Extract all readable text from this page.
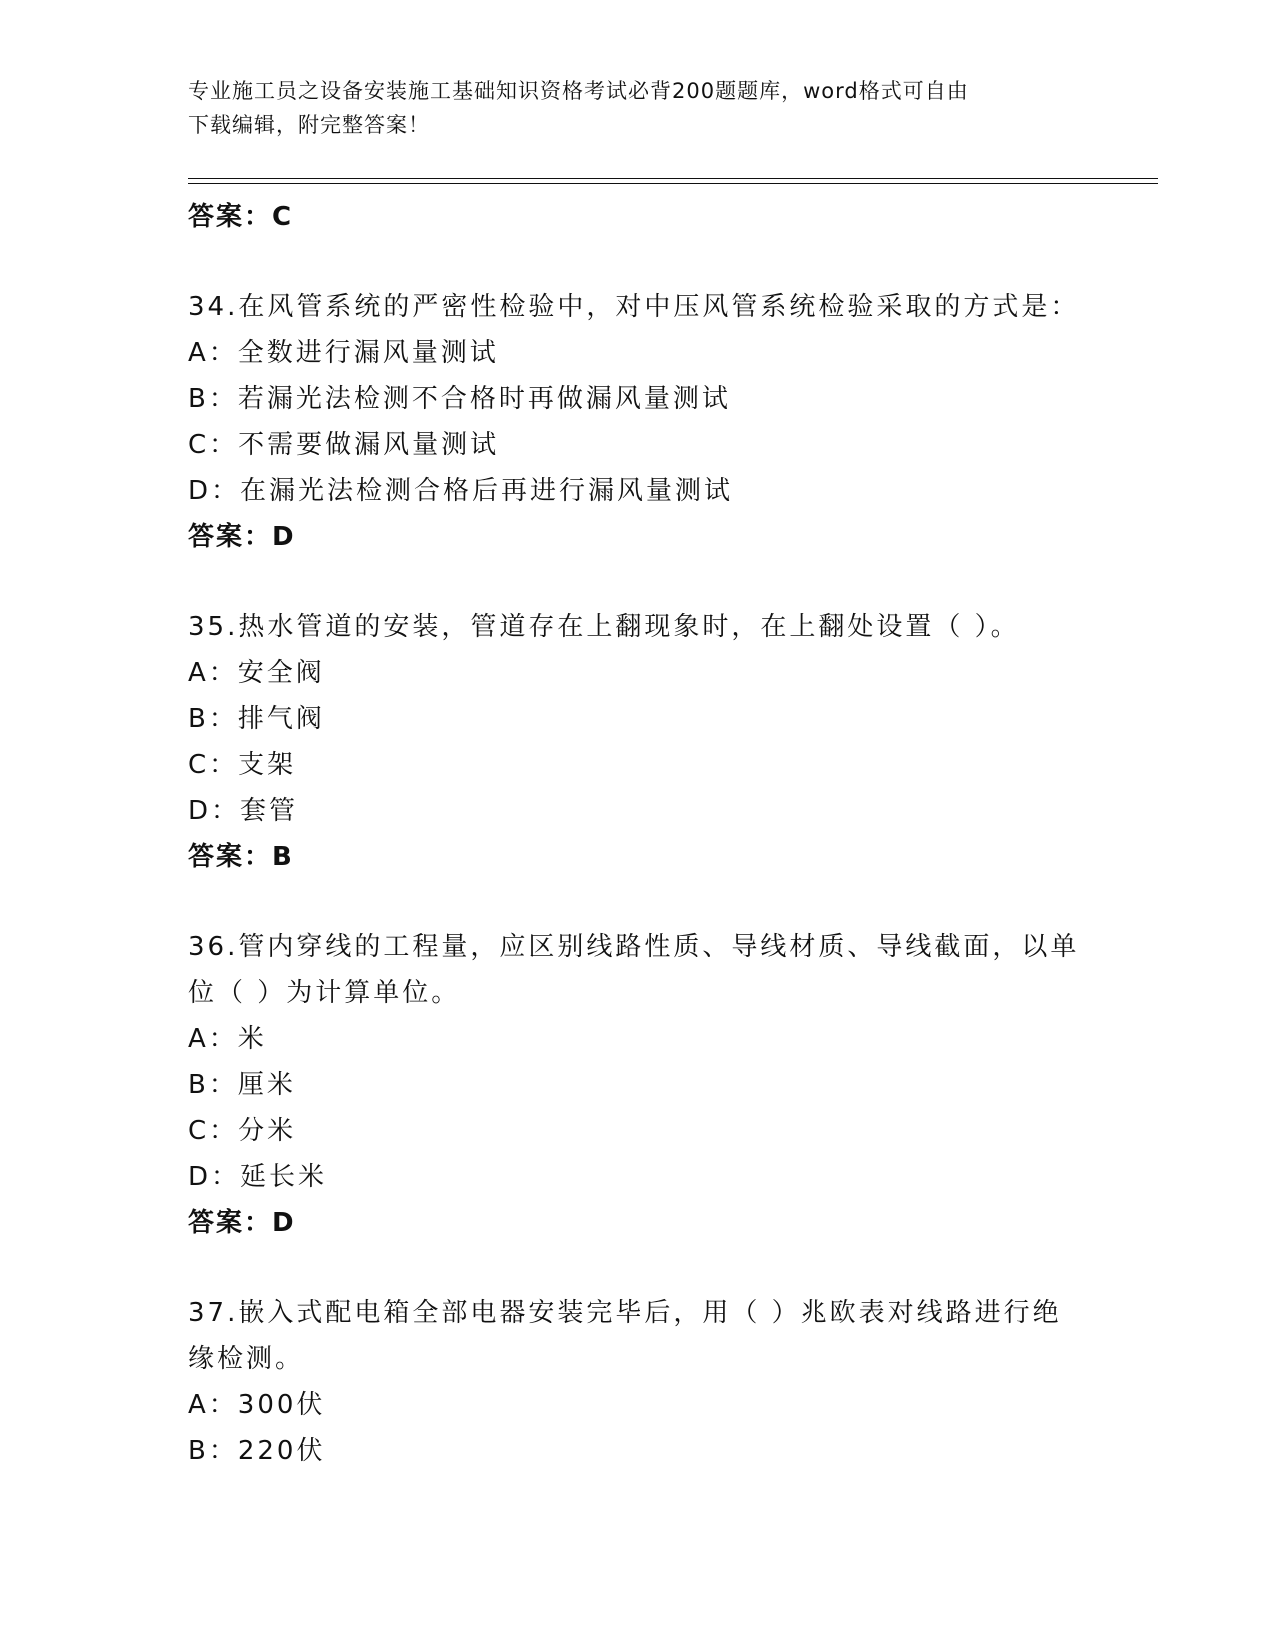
专业施工员之设备安装施工基础知识资格考试必背200题题库，word格式可自由
下载编辑，附完整答案！
答案：C
34.在风管系统的严密性检验中，对中压风管系统检验采取的方式是：
A：全数进行漏风量测试
B：若漏光法检测不合格时再做漏风量测试
C：不需要做漏风量测试
D：在漏光法检测合格后再进行漏风量测试
答案：D
35.热水管道的安装，管道存在上翻现象时，在上翻处设置（ ）。
A：安全阀
B：排气阀
C：支架
D：套管
答案：B
36.管内穿线的工程量，应区别线路性质、导线材质、导线截面，以单
位（ ）为计算单位。
A：米
B：厘米
C：分米
D：延长米
答案：D
37.嵌入式配电箱全部电器安装完毕后，用（ ）兆欧表对线路进行绝
缘检测。
A：300伏
B：220伏
